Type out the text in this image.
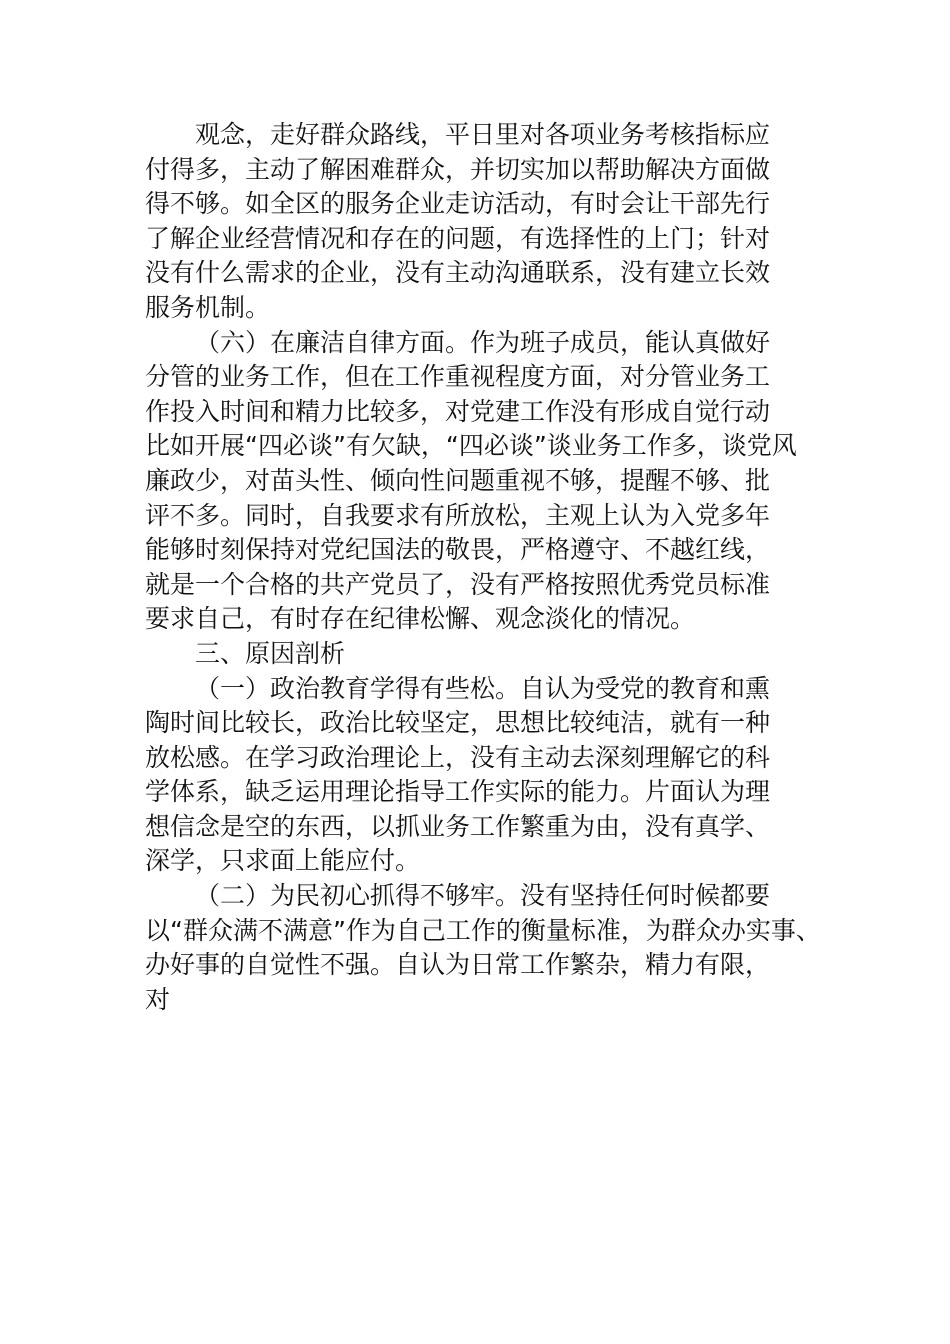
观念，走好群众路线，平日里对各项业务考核指标应
付得多，主动了解困难群众，并切实加以帮助解决方面做
得不够。如全区的服务企业走访活动，有时会让干部先行
了解企业经营情况和存在的问题，有选择性的上门；针对
没有什么需求的企业，没有主动沟通联系，没有建立长效
服务机制。
（六）在廉洁自律方面。作为班子成员，能认真做好
分管的业务工作，但在工作重视程度方面，对分管业务工
作投入时间和精力比较多，对党建工作没有形成自觉行动
比如开展“四必谈”有欠缺，“四必谈”谈业务工作多，谈党风
廉政少，对苗头性、倾向性问题重视不够，提醒不够、批
评不多。同时，自我要求有所放松，主观上认为入党多年
能够时刻保持对党纪国法的敬畏，严格遵守、不越红线，
就是一个合格的共产党员了，没有严格按照优秀党员标准
要求自己，有时存在纪律松懈、观念淡化的情况。
三、原因剖析
（一）政治教育学得有些松。自认为受党的教育和熏
陶时间比较长，政治比较坚定，思想比较纯洁，就有一种
放松感。在学习政治理论上，没有主动去深刻理解它的科
学体系，缺乏运用理论指导工作实际的能力。片面认为理
想信念是空的东西，以抓业务工作繁重为由，没有真学、
深学，只求面上能应付。
（二）为民初心抓得不够牢。没有坚持任何时候都要
以“群众满不满意”作为自己工作的衡量标准，为群众办实事、
办好事的自觉性不强。自认为日常工作繁杂，精力有限，
对
